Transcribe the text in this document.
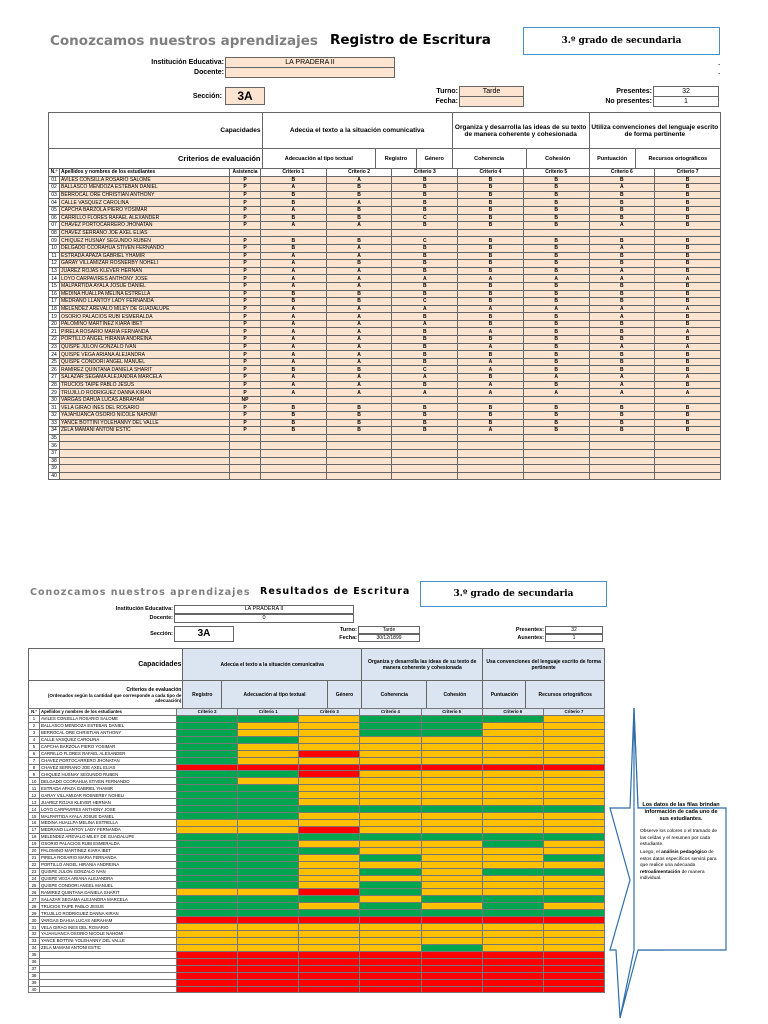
Conozcamos nuestros aprendizajes Registro de Escritura	3.º grado de secundaria
Institución Educativa:	LA PRADERA II
Docente:
-
-
Sección:	3A	Turno:	Tarde
Fecha:
Presentes:	32
No presentes:	1
Capacidades	Adecúa el texto a la situación comunicativa			Organiza y desarrolla las ideas de su texto de manera coherente y cohesionada		Utiliza convenciones del lenguaje escrito de forma pertinente	
Criterios de evaluación	Adecuación al tipo textual	Registro	Género	Coherencia	Cohesión	Puntuación	Recursos ortográficos
N.º	Apellidos y nombres de los estudiantes	Asistencia	Criterio 1	Criterio 2	Criterio 3	Criterio 4	Criterio 5	Criterio 6	Criterio 7
01	AVILES CONSILLA ROSARIO SALOME	P	B	A	B	B	B	B	B
02	BALLASCO MENDOZA ESTEBAN DANIEL	P	A	B	B	B	B	A	B
03	BERROCAL ORE CHRISTIAN ANTHONY	P	B	B	B	B	B	B	B
04	CALLE VASQUEZ CAROLINA	P	B	A	B	B	B	B	B
05	CAPCHA BARZOLA PIERO YOSIMAR	P	A	B	B	B	B	B	B
06	CARRILLO FLORES RAFAEL ALEXANDER	P	B	B	C	B	B	B	B
07	CHAVEZ PORTOCARRERO JHONATAN	P	A	A	B	B	B	A	B
08	CHAVEZ SERRANO JOE AXEL ELIAS								
09	CHIQUEZ HUSNAY SEGUNDO RUBEN	P	B	B	C	B	B	B	B
10	DELGADO CCORAHUA STIVEN FERNANDO	P	B	A	B	B	B	A	B
11	ESTRADA APAZA GABRIEL YHAMIR	P	A	A	B	B	B	B	B
12	GARAY VILLAMIZAR ROSNERBY NOHELI	P	A	B	B	B	B	B	B
13	JUAREZ ROJAS KLEVER HERNAN	P	A	A	B	B	B	A	B
14	LOYO CARPAVIRES ANTHONY JOSE	P	A	A	A	A	A	A	A
15	MALPARTIDA AYALA JOSUE DANIEL	P	A	A	B	B	B	B	B
16	MEDINA HUALLPA MELINA ESTRELLA	P	B	B	B	B	B	B	B
17	MEDRANO LLANTOY LADY FERNANDA	P	B	B	C	B	B	B	B
18	MELENDEZ AREVALO MILEY DE GUADALUPE	P	A	A	A	A	A	A	A
19	OSORIO PALACIOS RUBI ESMERALDA	P	A	A	B	B	B	A	B
20	PALOMINO MARTINEZ KIARA IBET	P	A	A	A	B	B	B	B
21	PIRELA ROSARIO MARIA FERNANDA	P	A	A	B	A	B	B	A
22	PORTILLO ANGEL HIRANIA ANDREINA	P	A	A	B	B	B	B	B
23	QUISPE JULON GONZALO IVAN	P	A	A	B	A	B	A	A
24	QUISPE VEGA ARIANA ALEJANDRA	P	A	A	B	B	B	B	B
25	QUISPE CONDORI ANGEL MANUEL	P	A	A	B	A	B	B	B
26	RAMIREZ QUINTANA DANIELA SHARIT	P	B	B	C	A	B	B	B
27	SALAZAR SEGAMA ALEJANDRA MARCELA	P	A	A	A	B	A	A	A
28	TRUCIOS TAIPE PABLO JESUS	P	A	A	B	A	B	A	B
29	TRUJILLO RODRIGUEZ DANNA KIRAN	P	A	A	A	A	A	A	A
30	VARGAS DAHUA LUCAS ABRAHAM	NP							
31	VELA GIRAO INES DEL ROSARIO	P	B	B	B	B	B	B	B
32	YAJAHUANCA OSORIO NICOLE NAHOMI	P	B	B	B	B	B	B	B
33	YANCE BOTTINI YOLEHANNY DEL VALLE	P	B	B	B	B	B	B	B
34	ZELA MAMANI ANTONI ESTIC	P	B	B	B	A	B	B	B
35									
36									
37									
38									
39									
40									
Conozcamos nuestros aprendizajes Resultados de Escritura	3.º grado de secundaria
Institución Educativa:	LA PRADERA II
Docente:	0
Sección:	3A	Turno:	Tarde
Fecha:	30/12/1899
Presentes:	32
Ausentes:	1
Capacidades	Adecúa el texto a la situación comunicativa			Organiza y desarrolla las ideas de su texto de manera coherente y cohesionada		Usa convenciones del lenguaje escrito de forma pertinente	

Criterios de evaluación
(Ordenados según la cantidad que corresponde a cada tipo de adecuación)	Registro	Adecuación al tipo textual	Género	Coherencia	Cohesión	Puntuación	Recursos ortográficos
N.º	Apellidos y nombres de los estudiantes	Criterio 2	Criterio 1	Criterio 3	Criterio 4	Criterio 5	Criterio 6	Criterio 7
1	AVILES CONSILLA ROSARIO SALOME							
2	BALLASCO MENDOZA ESTEBAN DANIEL							
3	BERROCAL ORE CHRISTIAN ANTHONY							
4	CALLE VASQUEZ CAROLINA							
5	CAPCHA BARZOLA PIERO YOSIMAR							
6	CARRILLO FLORES RAFAEL ALEXANDER							
7	CHAVEZ PORTOCARRERO JHONATAN							
8	CHAVEZ SERRANO JOE AXEL ELIAS							
9	CHIQUEZ HUSNAY SEGUNDO RUBEN							
10	DELGADO CCORAHUA STIVEN FERNANDO							
11	ESTRADA APAZA GABRIEL YHAMIR							
12	GARAY VILLAMIZAR ROSNERBY NOHELI							
13	JUAREZ ROJAS KLEVER HERNAN							
14	LOYO CARPAVIRES ANTHONY JOSE							
15	MALPARTIDA AYALA JOSUE DANIEL							
16	MEDINA HUALLPA MELINA ESTRELLA							
17	MEDRANO LLANTOY LADY FERNANDA							
18	MELENDEZ AREVALO MILEY DE GUADALUPE							
19	OSORIO PALACIOS RUBI ESMERALDA							
20	PALOMINO MARTINEZ KIARA IBET							
21	PIRELA ROSARIO MARIA FERNANDA							
22	PORTILLO ANGEL HIRANIA ANDREINA							
23	QUISPE JULON GONZALO IVAN							
24	QUISPE VEGA ARIANA ALEJANDRA							
25	QUISPE CONDORI ANGEL MANUEL							
26	RAMIREZ QUINTANA DANIELA SHARIT							
27	SALAZAR SEGAMA ALEJANDRA MARCELA							
28	TRUCIOS TAIPE PABLO JESUS							
29	TRUJILLO RODRIGUEZ DANNA KIRAN							
30	VARGAS DAHUA LUCAS ABRAHAM							
31	VELA GIRAO INES DEL ROSARIO							
32	YAJAHUANCA OSORIO NICOLE NAHOMI							
33	YANCE BOTTINI YOLEHANNY DEL VALLE							
34	ZELA MAMANI ANTONI ESTIC							
35								
36								
37								
38								
39								
40								
Los datos de las filas brindan información de cada uno de sus estudiantes.
Observe los colores o el tramado de las celdas y el resumen por cada estudiante.
Luego, el análisis pedagógico de estos datos específicos servirá para que realice una adecuada retroalimentación de manera individual.
